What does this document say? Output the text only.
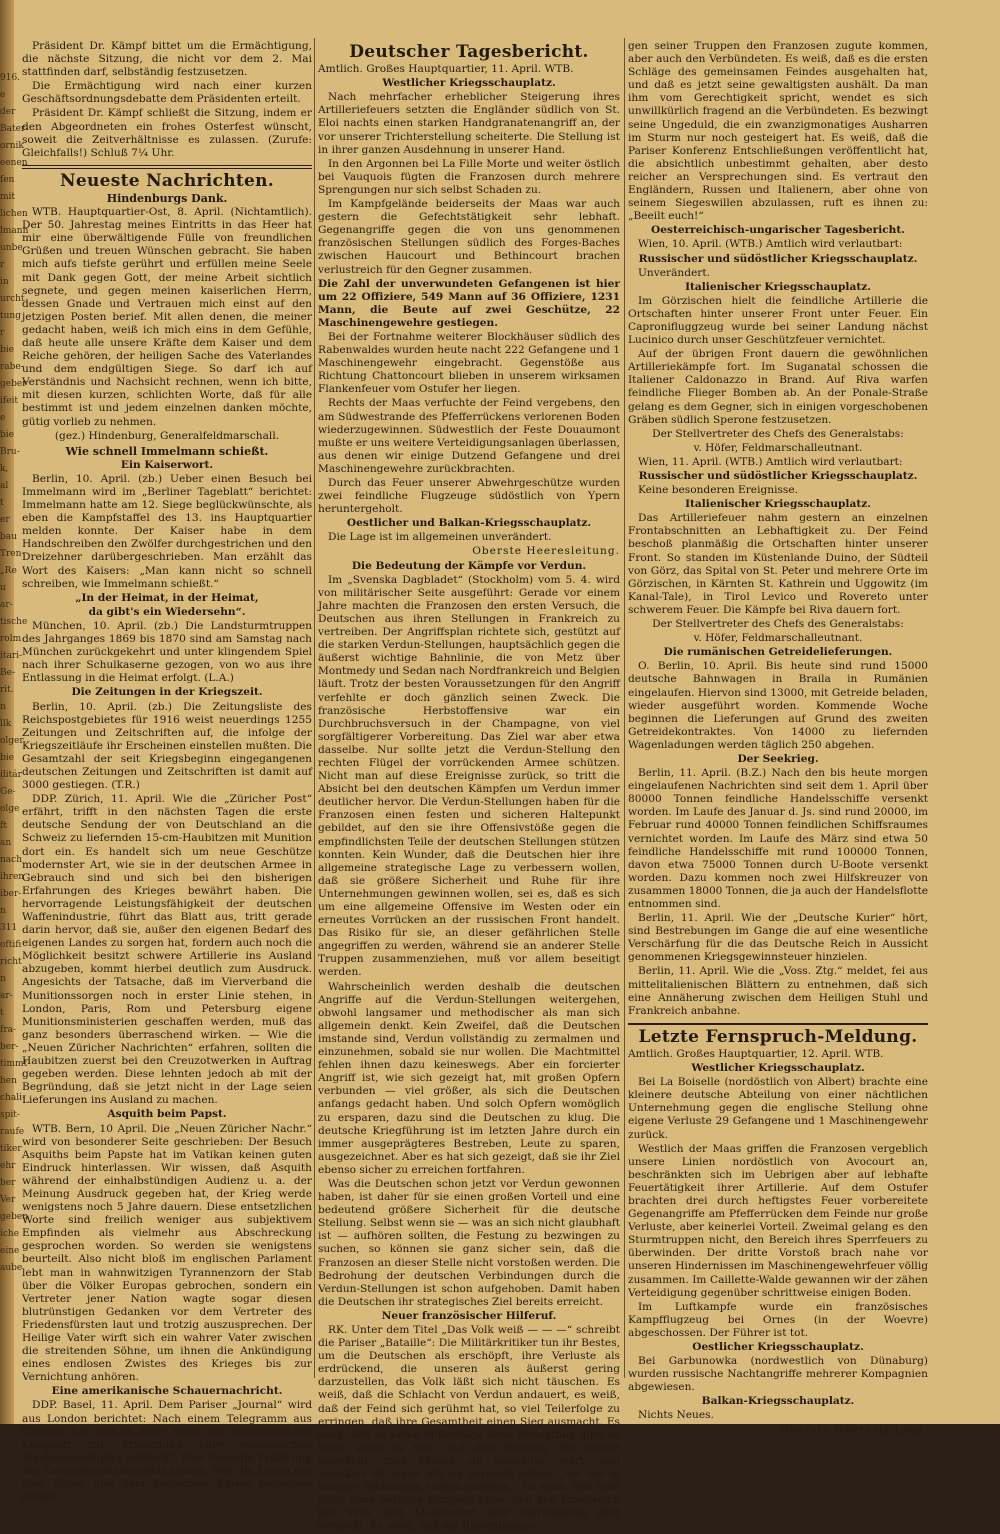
916.
e der
Bater-
ornik
eenen
fen
mit
lichen
lmann
unbe
r in
urcht
tung
r bie
rabe-
geber
ifeit
e bie
Bru-
k, al
t er
bau
Tren-
„Re
u ar-
tische
rolm
itari-
Be-
rit.
n llk
olger
bie
ilitár
Ge-
olge
ft an
nach
ihren
iber-
n 311
oftifi
richt
n ar-
t fra-
ber-
timmt
hen
chali-
spit-
raufe
tiker
ehr
ber
Ver
geben
iche
eine
aube

Präsident Dr. Kämpf bittet um die Ermächtigung, die nächste Sitzung, die nicht vor dem 2. Mai stattfinden darf, selbständig festzusetzen.

Die Ermächtigung wird nach einer kurzen Geschäftsordnungsdebatte dem Präsidenten erteilt.

Präsident Dr. Kämpf schließt die Sitzung, indem er den Abgeordneten ein frohes Osterfest wünscht, soweit die Zeitverhältnisse es zulassen. (Zurufe: Gleichfalls!) Schluß 7¼ Uhr.

Neueste Nachrichten.
Hindenburgs Dank.

WTB. Hauptquartier-Ost, 8. April. (Nichtamtlich). Der 50. Jahrestag meines Eintritts in das Heer hat mir eine überwältigende Fülle von freundlichen Grüßen und treuen Wünschen gebracht. Sie haben mich aufs tiefste gerührt und erfüllen meine Seele mit Dank gegen Gott, der meine Arbeit sichtlich segnete, und gegen meinen kaiserlichen Herrn, dessen Gnade und Vertrauen mich einst auf den jetzigen Posten berief. Mit allen denen, die meiner gedacht haben, weiß ich mich eins in dem Gefühle, daß heute alle unsere Kräfte dem Kaiser und dem Reiche gehören, der heiligen Sache des Vaterlandes und dem endgültigen Siege. So darf ich auf Verständnis und Nachsicht rechnen, wenn ich bitte, mit diesen kurzen, schlichten Worte, daß für alle bestimmt ist und jedem einzelnen danken möchte, gütig vorlieb zu nehmen.

(gez.) Hindenburg, Generalfeldmarschall.

Wie schnell Immelmann schießt.
Ein Kaiserwort.

Berlin, 10. April. (zb.) Ueber einen Besuch bei Immelmann wird im „Berliner Tageblatt“ berichtet: Immelmann hatte am 12. Siege beglückwünschte, als eben die Kampfstaffel des 13. ins Hauptquartier melden konnte. Der Kaiser habe in dem Handschreiben den Zwölfer durchgestrichen und den Dreizehner darübergeschrieben. Man erzählt das Wort des Kaisers: „Man kann nicht so schnell schreiben, wie Immelmann schießt.“

„In der Heimat, in der Heimat,
da gibt's ein Wiedersehn“.

München, 10. April. (zb.) Die Landsturmtruppen des Jahrganges 1869 bis 1870 sind am Samstag nach München zurückgekehrt und unter klingendem Spiel nach ihrer Schulkaserne gezogen, von wo aus ihre Entlassung in die Heimat erfolgt. (L.A.)

Die Zeitungen in der Kriegszeit.

Berlin, 10. April. (zb.) Die Zeitungsliste des Reichspostgebietes für 1916 weist neuerdings 1255 Zeitungen und Zeitschriften auf, die infolge der Kriegszeitläufe ihr Erscheinen einstellen mußten. Die Gesamtzahl der seit Kriegsbeginn eingegangenen deutschen Zeitungen und Zeitschriften ist damit auf 3000 gestiegen. (T.R.)

DDP. Zürich, 11. April. Wie die „Züricher Post“ erfährt, trifft in den nächsten Tagen die erste deutsche Sendung der von Deutschland an die Schweiz zu liefernden 15-cm-Haubitzen mit Munition dort ein. Es handelt sich um neue Geschütze modernster Art, wie sie in der deutschen Armee in Gebrauch sind und sich bei den bisherigen Erfahrungen des Krieges bewährt haben. Die hervorragende Leistungsfähigkeit der deutschen Waffenindustrie, führt das Blatt aus, tritt gerade darin hervor, daß sie, außer den eigenen Bedarf des eigenen Landes zu sorgen hat, fordern auch noch die Möglichkeit besitzt schwere Artillerie ins Ausland abzugeben, kommt hierbei deutlich zum Ausdruck. Angesichts der Tatsache, daß im Vierverband die Munitionssorgen noch in erster Linie stehen, in London, Paris, Rom und Petersburg eigene Munitionsministerien geschaffen werden, muß das ganz besonders überraschend wirken. — Wie die „Neuen Züricher Nachrichten“ erfahren, sollten die Haubitzen zuerst bei den Creuzotwerken in Auftrag gegeben werden. Diese lehnten jedoch ab mit der Begründung, daß sie jetzt nicht in der Lage seien Lieferungen ins Ausland zu machen.

Asquith beim Papst.

WTB. Bern, 10 April. Die „Neuen Züricher Nachr.“ wird von besonderer Seite geschrieben: Der Besuch Asquiths beim Papste hat im Vatikan keinen guten Eindruck hinterlassen. Wir wissen, daß Asquith während der einhalbstündigen Audienz u. a. der Meinung Ausdruck gegeben hat, der Krieg werde wenigstens noch 5 Jahre dauern. Diese entsetzlichen Worte sind freilich weniger aus subjektivem Empfinden als vielmehr aus Abschreckung gesprochen worden. So werden sie wenigstens beurteilt. Also nicht bloß im englischen Parlament lebt man in wahnwitzigen Tyrannenzorn der Stab über die Völker Europas gebrochen, sondern ein Vertreter jener Nation wagte sogar diesen blutrünstigen Gedanken vor dem Vertreter des Friedensfürsten laut und trotzig auszusprechen. Der Heilige Vater wirft sich ein wahrer Vater zwischen die streitenden Söhne, um ihnen die Ankündigung eines endlosen Zwistes des Krieges bis zur Vernichtung anhören.

Eine amerikanische Schauernachricht.

DDP. Basel, 11. April. Dem Pariser „Journal“ wird aus London berichtet: Nach einem Telegramm aus Chicago hat man in einer Stadt ein anarchistisches Komplott zur Ermordung aller europäischen Staatsoberhäupter entdeckt. Eine formelle Erklärung des Generalstaatsanwaltes besagt, daß die Listen mit dem Zaren und dem deutschen Kaiser begonnen haben.

Deutscher Tagesbericht.

Amtlich. Großes Hauptquartier, 11. April. WTB.

Westlicher Kriegsschauplatz.

Nach mehrfacher erheblicher Steigerung ihres Artilleriefeuers setzten die Engländer südlich von St. Eloi nachts einen starken Handgranatenangriff an, der vor unserer Trichterstellung scheiterte. Die Stellung ist in ihrer ganzen Ausdehnung in unserer Hand.

In den Argonnen bei La Fille Morte und weiter östlich bei Vauquois fügten die Franzosen durch mehrere Sprengungen nur sich selbst Schaden zu.

Im Kampfgelände beiderseits der Maas war auch gestern die Gefechtstätigkeit sehr lebhaft. Gegenangriffe gegen die von uns genommenen französischen Stellungen südlich des Forges-Baches zwischen Haucourt und Bethincourt brachen verlustreich für den Gegner zusammen.

Die Zahl der unverwundeten Gefangenen ist hier um 22 Offiziere, 549 Mann auf 36 Offiziere, 1231 Mann, die Beute auf zwei Geschütze, 22 Maschinengewehre gestiegen.

Bei der Fortnahme weiterer Blockhäuser südlich des Rabenwaldes wurden heute nacht 222 Gefangene und 1 Maschinengewehr eingebracht. Gegenstöße aus Richtung Chattoncourt blieben in unserem wirksamen Flankenfeuer vom Ostufer her liegen.

Rechts der Maas verfuchte der Feind vergebens, den am Südwestrande des Pfefferrückens verlorenen Boden wiederzugewinnen. Südwestlich der Feste Douaumont mußte er uns weitere Verteidigungsanlagen überlassen, aus denen wir einige Dutzend Gefangene und drei Maschinengewehre zurückbrachten.

Durch das Feuer unserer Abwehrgeschütze wurden zwei feindliche Flugzeuge südöstlich von Ypern heruntergeholt.

Oestlicher und Balkan-Kriegsschauplatz.

Die Lage ist im allgemeinen unverändert.

Oberste Heeresleitung.

Die Bedeutung der Kämpfe vor Verdun.

Im „Svenska Dagbladet“ (Stockholm) vom 5. 4. wird von militärischer Seite ausgeführt: Gerade vor einem Jahre machten die Franzosen den ersten Versuch, die Deutschen aus ihren Stellungen in Frankreich zu vertreiben. Der Angriffsplan richtete sich, gestützt auf die starken Verdun-Stellungen, hauptsächlich gegen die äußerst wichtige Bahnlinie, die von Metz über Montmedy und Sedan nach Nordfrankreich und Belgien läuft. Trotz der besten Voraussetzungen für den Angriff verfehlte er doch gänzlich seinen Zweck. Die französische Herbstoffensive war ein Durchbruchsversuch in der Champagne, von viel sorgfältigerer Vorbereitung. Das Ziel war aber etwa dasselbe. Nur sollte jetzt die Verdun-Stellung den rechten Flügel der vorrückenden Armee schützen. Nicht man auf diese Ereignisse zurück, so tritt die Absicht bei den deutschen Kämpfen um Verdun immer deutlicher hervor. Die Verdun-Stellungen haben für die Franzosen einen festen und sicheren Haltepunkt gebildet, auf den sie ihre Offensivstöße gegen die empfindlichsten Teile der deutschen Stellungen stützen konnten. Kein Wunder, daß die Deutschen hier ihre allgemeine strategische Lage zu verbessern wollen, daß sie größere Sicherheit und Ruhe für ihre Unternehmungen gewinnen wollen, sei es, daß es sich um eine allgemeine Offensive im Westen oder ein erneutes Vorrücken an der russischen Front handelt. Das Risiko für sie, an dieser gefährlichen Stelle angegriffen zu werden, während sie an anderer Stelle Truppen zusammenziehen, muß vor allem beseitigt werden.

Wahrscheinlich werden deshalb die deutschen Angriffe auf die Verdun-Stellungen weitergehen, obwohl langsamer und methodischer als man sich allgemein denkt. Kein Zweifel, daß die Deutschen imstande sind, Verdun vollständig zu zermalmen und einzunehmen, sobald sie nur wollen. Die Machtmittel fehlen ihnen dazu keineswegs. Aber ein forcierter Angriff ist, wie sich gezeigt hat, mit großen Opfern verbunden — viel größer, als sich die Deutschen anfangs gedacht haben. Und solch Opfern womöglich zu ersparen, dazu sind die Deutschen zu klug. Die deutsche Kriegführung ist im letzten Jahre durch ein immer ausgeprägteres Bestreben, Leute zu sparen, ausgezeichnet. Aber es hat sich gezeigt, daß sie ihr Ziel ebenso sicher zu erreichen fortfahren.

Was die Deutschen schon jetzt vor Verdun gewonnen haben, ist daher für sie einen großen Vorteil und eine bedeutend größere Sicherheit für die deutsche Stellung. Selbst wenn sie — was an sich nicht glaubhaft ist — aufhören sollten, die Festung zu bezwingen zu suchen, so können sie ganz sicher sein, daß die Franzosen an dieser Stelle nicht vorstoßen werden. Die Bedrohung der deutschen Verbindungen durch die Verdun-Stellungen ist schon aufgehoben. Damit haben die Deutschen ihr strategisches Ziel bereits erreicht.

Neuer französischer Hilferuf.

RK. Unter dem Titel „Das Volk weiß — — —“ schreibt die Pariser „Bataille“: Die Militärkritiker tun ihr Bestes, um die Deutschen als erschöpft, ihre Verluste als erdrückend, die unseren als äußerst gering darzustellen, das Volk läßt sich nicht täuschen. Es weiß, daß die Schlacht von Verdun andauert, es weiß, daß der Feind sich gerühmt hat, so viel Teilerfolge zu erringen, daß ihre Gesamtheit einen Sieg ausmacht. Es weiß, daß es keine Mißerfolge ohne Bedeutung gibt; es lacht, wenn es hört, daß ihre Stellung, die unsere schwächt, man könnte sie hinstellte, wert- und zwecklos ist, wenn wir sie geräumt haben, „um uns in bessere Stellungen zurückzuziehen.“ Es weiß, daß man nicht ohne Verluste kämpfen kann, und daß Frankreich bei Vaux und Malancourt sein wertvollstes Blut vergießt. Es weiß, daß die Riesenleistun-

gen seiner Truppen den Franzosen zugute kommen, aber auch den Verbündeten. Es weiß, daß es die ersten Schläge des gemeinsamen Feindes ausgehalten hat, und daß es jetzt seine gewaltigsten aushält. Da man ihm vom Gerechtigkeit spricht, wendet es sich unwillkürlich fragend an die Verbündeten. Es bezwingt seine Ungeduld, die ein zwanzigmonatiges Ausharren im Sturm nur noch gesteigert hat. Es weiß, daß die Pariser Konferenz Entschließungen veröffentlicht hat, die absichtlich unbestimmt gehalten, aber desto reicher an Versprechungen sind. Es vertraut den Engländern, Russen und Italienern, aber ohne von seinem Siegeswillen abzulassen, ruft es ihnen zu: „Beeilt euch!“

Oesterreichisch-ungarischer Tagesbericht.

Wien, 10. April. (WTB.) Amtlich wird verlautbart:

Russischer und südöstlicher Kriegsschauplatz.

Unverändert.

Italienischer Kriegsschauplatz.

Im Görzischen hielt die feindliche Artillerie die Ortschaften hinter unserer Front unter Feuer. Ein Capronifluggzeug wurde bei seiner Landung nächst Lucinico durch unser Geschützfeuer vernichtet.

Auf der übrigen Front dauern die gewöhnlichen Artilleriekämpfe fort. Im Suganatal schossen die Italiener Caldonazzo in Brand. Auf Riva warfen feindliche Flieger Bomben ab. An der Ponale-Straße gelang es dem Gegner, sich in einigen vorgeschobenen Gräben südlich Sperone festzusetzen.

Der Stellvertreter des Chefs des Generalstabs:

v. Höfer, Feldmarschalleutnant.

Wien, 11. April. (WTB.) Amtlich wird verlautbart:

Russischer und südöstlicher Kriegsschauplatz.

Keine besonderen Ereignisse.

Italienischer Kriegsschauplatz.

Das Artilleriefeuer nahm gestern an einzelnen Frontabschnitten an Lebhaftigkeit zu. Der Feind beschoß planmäßig die Ortschaften hinter unserer Front. So standen im Küstenlande Duino, der Südteil von Görz, das Spital von St. Peter und mehrere Orte im Görzischen, in Kärnten St. Kathrein und Uggowitz (im Kanal-Tale), in Tirol Levico und Rovereto unter schwerem Feuer. Die Kämpfe bei Riva dauern fort.

Der Stellvertreter des Chefs des Generalstabs:

v. Höfer, Feldmarschalleutnant.

Die rumänischen Getreidelieferungen.

O. Berlin, 10. April. Bis heute sind rund 15000 deutsche Bahnwagen in Braila in Rumänien eingelaufen. Hiervon sind 13000, mit Getreide beladen, wieder ausgeführt worden. Kommende Woche beginnen die Lieferungen auf Grund des zweiten Getreidekontraktes. Von 14000 zu liefernden Wagenladungen werden täglich 250 abgehen.

Der Seekrieg.

Berlin, 11. April. (B.Z.) Nach den bis heute morgen eingelaufenen Nachrichten sind seit dem 1. April über 80000 Tonnen feindliche Handelsschiffe versenkt worden. Im Laufe des Januar d. Js. sind rund 20000, im Februar rund 40000 Tonnen feindlichen Schiffsraumes vernichtet worden. Im Laufe des März sind etwa 50 feindliche Handelsschiffe mit rund 100000 Tonnen, davon etwa 75000 Tonnen durch U-Boote versenkt worden. Dazu kommen noch zwei Hilfskreuzer von zusammen 18000 Tonnen, die ja auch der Handelsflotte entnommen sind.

Berlin, 11. April. Wie der „Deutsche Kurier“ hört, sind Bestrebungen im Gange die auf eine wesentliche Verschärfung für die das Deutsche Reich in Aussicht genommenen Kriegsgewinnsteuer hinzielen.

Berlin, 11. April. Wie die „Voss. Ztg.“ meldet, fei aus mittelitalienischen Blättern zu entnehmen, daß sich eine Annäherung zwischen dem Heiligen Stuhl und Frankreich anbahne.

Letzte Fernspruch-Meldung.

Amtlich. Großes Hauptquartier, 12. April. WTB.

Westlicher Kriegsschauplatz.

Bei La Boiselle (nordöstlich von Albert) brachte eine kleinere deutsche Abteilung von einer nächtlichen Unternehmung gegen die englische Stellung ohne eigene Verluste 29 Gefangene und 1 Maschinengewehr zurück.

Westlich der Maas griffen die Franzosen vergeblich unsere Linien nordöstlich von Avocourt an, beschränkten sich im Uebrigen aber auf lebhafte Feuertätigkeit ihrer Artillerie. Auf dem Ostufer brachten drei durch heftigstes Feuer vorbereitete Gegenangriffe am Pfefferrücken dem Feinde nur große Verluste, aber keinerlei Vorteil. Zweimal gelang es den Sturmtruppen nicht, den Bereich ihres Sperrfeuers zu überwinden. Der dritte Vorstoß brach nahe vor unseren Hindernissen im Maschinengewehrfeuer völlig zusammen. Im Caillette-Walde gewannen wir der zähen Verteidigung gegenüber schrittweise einigen Boden.

Im Luftkampfe wurde ein französisches Kampfflugzeug bei Ornes (in der Woevre) abgeschossen. Der Führer ist tot.

Oestlicher Kriegsschauplatz.

Bei Garbunowka (nordwestlich von Dünaburg) wurden russische Nachtangriffe mehrerer Kompagnien abgewiesen.

Balkan-Kriegsschauplatz.

Nichts Neues.

Oberste Heeresleitung.
